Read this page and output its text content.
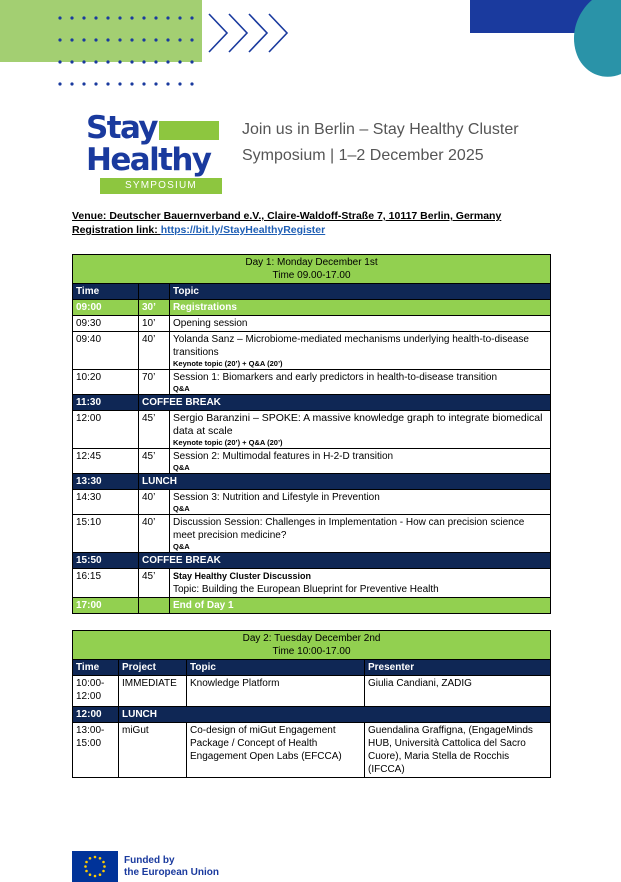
Stay
Healthy
SYMPOSIUM
Join us in Berlin – Stay Healthy Cluster
Symposium | 1–2 December 2025
Venue: Deutscher Bauernverband e.V., Claire-Waldoff-Straße 7, 10117 Berlin, Germany
Registration link: https://bit.ly/StayHealthyRegister
Day 1: Monday December 1st
Time 09.00-17.00		

Time		Topic
09:00	30’	Registrations
09:30	10’	Opening session
09:40	40’	Yolanda Sanz – Microbiome-mediated mechanisms underlying health-to-disease transitions
Keynote topic (20’) + Q&A (20’)

10:20	70’	Session 1: Biomarkers and early predictors in health-to-disease transition
Q&A

11:30	COFFEE BREAK	
12:00	45’	Sergio Baranzini – SPOKE: A massive knowledge graph to integrate biomedical data at scale
Keynote topic (20’) + Q&A (20’)

12:45	45’	Session 2: Multimodal features in H-2-D transition
Q&A

13:30	LUNCH	
14:30	40’	Session 3: Nutrition and Lifestyle in Prevention
Q&A

15:10	40’	Discussion Session: Challenges in Implementation - How can precision science meet precision medicine?
Q&A

15:50	COFFEE BREAK	
16:15	45’	Stay Healthy Cluster Discussion
Topic: Building the European Blueprint for Preventive Health

17:00		End of Day 1
Day 2: Tuesday December 2nd
Time 10:00-17.00			

Time	Project	Topic	Presenter
10:00-12:00	IMMEDIATE	Knowledge Platform	Giulia Candiani, ZADIG
12:00	LUNCH		
13:00-15:00	miGut	Co-design of miGut Engagement Package / Concept of Health Engagement Open Labs (EFCCA)	Guendalina Graffigna, (EngageMinds HUB, Università Cattolica del Sacro Cuore), Maria Stella de Rocchis (IFCCA)
Funded by
the European Union
